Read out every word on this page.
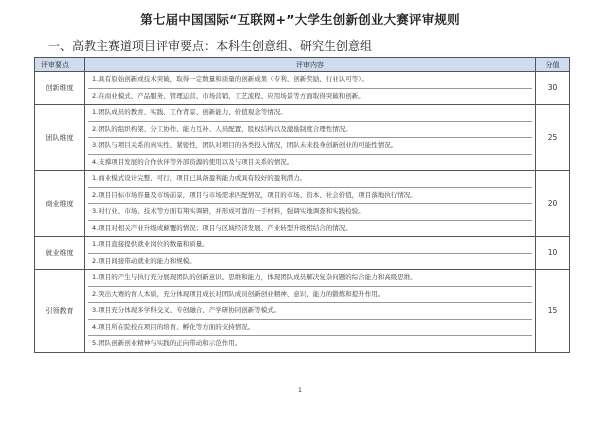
第七届中国国际“互联网+”大学生创新创业大赛评审规则
一、高教主赛道项目评审要点：本科生创意组、研究生创意组
评审要点	评审内容	分值
创新维度	1.具有原始创新或技术突破，取得一定数量和质量的创新成果（专利、创新奖励、行业认可等）。
2.在商业模式、产品服务、管理运营、市场营销、工艺流程、应用场景等方面取得突破和创新。	30
团队维度	1.团队成员的教育、实践、工作背景、创新能力、价值观念等情况。
2.团队的组织构架、分工协作、能力互补、人员配置、股权结构以及激励制度合理性情况。
3.团队与项目关系的真实性、紧密性，团队对项目的各类投入情况，团队未来投身创新创业的可能性情况。
4.支撑项目发展的合作伙伴等外部资源的使用以及与项目关系的情况。	25
商业维度	1.商业模式设计完整、可行，项目已具备盈利能力或具有较好的盈利潜力。
2.项目目标市场容量及市场前景，项目与市场需求匹配情况，项目的市场、资本、社会价值，项目落地执行情况。
3.对行业、市场、技术等方面有翔实调研，并形成可靠的一手材料，强调实地调查和实践检验。
4.项目对相关产业升级或颠覆的情况；项目与区域经济发展、产业转型升级相结合的情况。	20
就业维度	1.项目直接提供就业岗位的数量和质量。
2.项目间接带动就业的能力和规模。	10
引领教育	1.项目的产生与执行充分展现团队的创新意识、思维和能力，体现团队成员解决复杂问题的综合能力和高级思维。
2.突出大赛的育人本质，充分体现项目成长对团队成员创新创业精神、意识、能力的锻炼和提升作用。
3.项目充分体现多学科交叉、专创融合、产学研协同创新等模式。
4.项目所在院校在项目的培育、孵化等方面的支持情况。
5.团队创新创业精神与实践的正向带动和示范作用。	15
1
